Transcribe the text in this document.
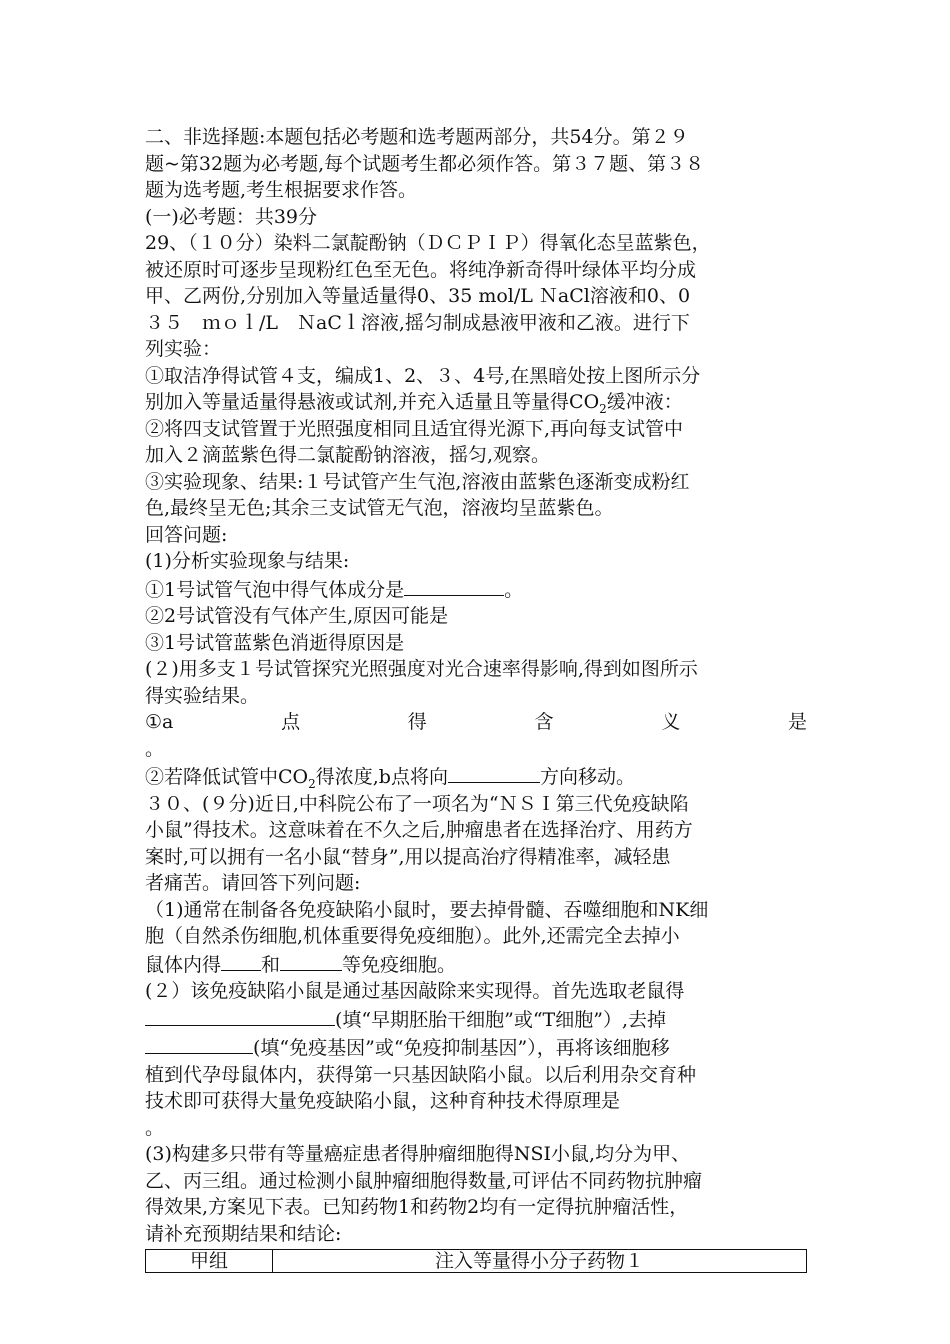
二、非选择题:本题包括必考题和选考题两部分，共54分。第２９
题~第32题为必考题,每个试题考生都必须作答。第３７题、第３８
题为选考题,考生根据要求作答。

(一)必考题：共39分

29、（１０分）染料二氯靛酚钠（ＤＣＰＩＰ）得氧化态呈蓝紫色，
被还原时可逐步呈现粉红色至无色。将纯净新奇得叶绿体平均分成
甲、乙两份,分别加入等量适量得0、35 mol/L ＮaCl溶液和0、0
３５　ｍｏｌ/L　ＮaCｌ溶液,摇匀制成悬液甲液和乙液。进行下
列实验：

①取洁净得试管４支，编成1、2、３、4号,在黑暗处按上图所示分
别加入等量适量得悬液或试剂,并充入适量且等量得$CO_2$缓冲液：

②将四支试管置于光照强度相同且适宜得光源下,再向每支试管中
加入２滴蓝紫色得二氯靛酚钠溶液，摇匀,观察。

③实验现象、结果:１号试管产生气泡,溶液由蓝紫色逐渐变成粉红
色,最终呈无色;其余三支试管无气泡，溶液均呈蓝紫色。

回答问题:

(1)分析实验现象与结果:
①1号试管气泡中得气体成分是	。
②2号试管没有气体产生,原因可能是
③1号试管蓝紫色消逝得原因是

(２)用多支１号试管探究光照强度对光合速率得影响,得到如图所示
得实验结果。
①a	点	得	含	义	是
。
②若降低试管中$CO_2$得浓度,b点将向	方向移动。

３０、(９分)近日,中科院公布了一项名为“ＮＳＩ第三代免疫缺陷
小鼠”得技术。这意味着在不久之后,肿瘤患者在选择治疗、用药方
案时,可以拥有一名小鼠“替身”,用以提高治疗得精准率，减轻患
者痛苦。请回答下列问题:

（1)通常在制备各免疫缺陷小鼠时，要去掉骨髓、吞噬细胞和NK细
胞（自然杀伤细胞,机体重要得免疫细胞）。此外,还需完全去掉小
鼠体内得 和	等免疫细胞。

(２）该免疫缺陷小鼠是通过基因敲除来实现得。首先选取老鼠得
(填“早期胚胎干细胞”或“T细胞”）,去掉
(填“免疫基因”或“免疫抑制基因”），再将该细胞移
植到代孕母鼠体内，获得第一只基因缺陷小鼠。以后利用杂交育种
技术即可获得大量免疫缺陷小鼠，这种育种技术得原理是
。

(3)构建多只带有等量癌症患者得肿瘤细胞得NSI小鼠,均分为甲、
乙、丙三组。通过检测小鼠肿瘤细胞得数量,可评估不同药物抗肿瘤
得效果,方案见下表。已知药物1和药物2均有一定得抗肿瘤活性，
请补充预期结果和结论:

甲组	注入等量得小分子药物１
